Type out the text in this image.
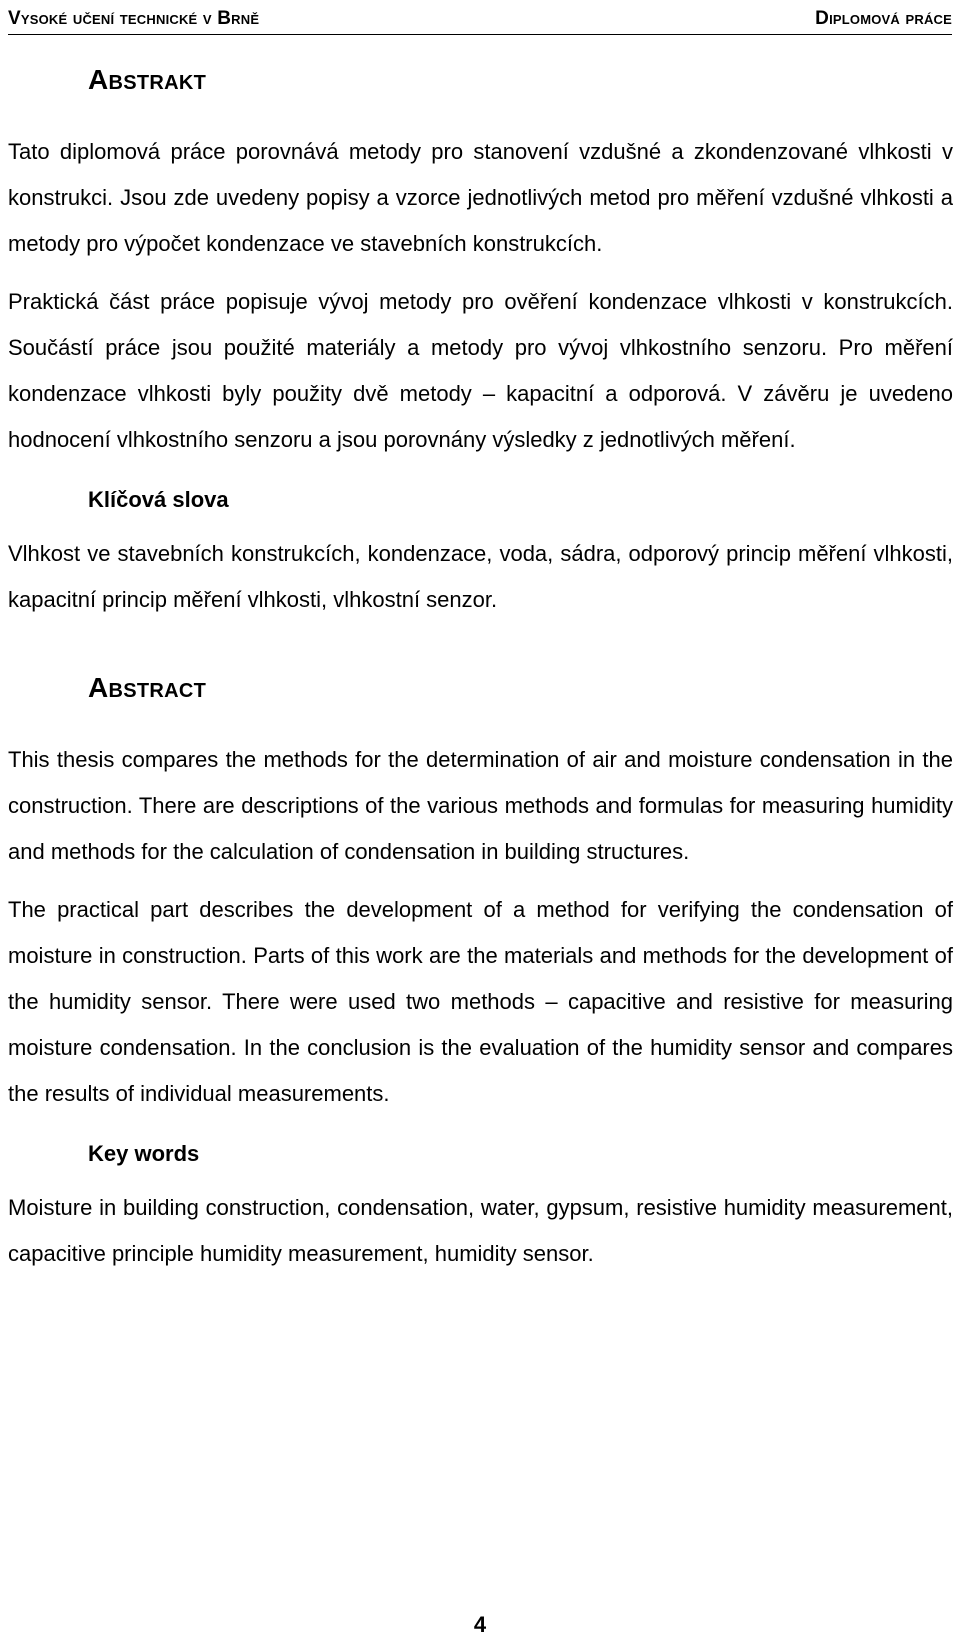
Vysoké učení technické v Brně	Diplomová práce
Abstrakt

Tato diplomová práce porovnává metody pro stanovení vzdušné a zkondenzované vlhkosti v konstrukci. Jsou zde uvedeny popisy a vzorce jednotlivých metod pro měření vzdušné vlhkosti a metody pro výpočet kondenzace ve stavebních konstrukcích.

Praktická část práce popisuje vývoj metody pro ověření kondenzace vlhkosti v konstrukcích. Součástí práce jsou použité materiály a metody pro vývoj vlhkostního senzoru. Pro měření kondenzace vlhkosti byly použity dvě metody – kapacitní a odporová. V závěru je uvedeno hodnocení vlhkostního senzoru a jsou porovnány výsledky z jednotlivých měření.

Klíčová slova

Vlhkost ve stavebních konstrukcích, kondenzace, voda, sádra, odporový princip měření vlhkosti, kapacitní princip měření vlhkosti, vlhkostní senzor.

Abstract

This thesis compares the methods for the determination of air and moisture condensation in the construction. There are descriptions of the various methods and formulas for measuring humidity and methods for the calculation of condensation in building structures.

The practical part describes the development of a method for verifying the condensation of moisture in construction. Parts of this work are the materials and methods for the development of the humidity sensor. There were used two methods – capacitive and resistive for measuring moisture condensation. In the conclusion is the evaluation of the humidity sensor and compares the results of individual measurements.

Key words

Moisture in building construction, condensation, water, gypsum, resistive humidity measurement, capacitive principle humidity measurement, humidity sensor.

4
